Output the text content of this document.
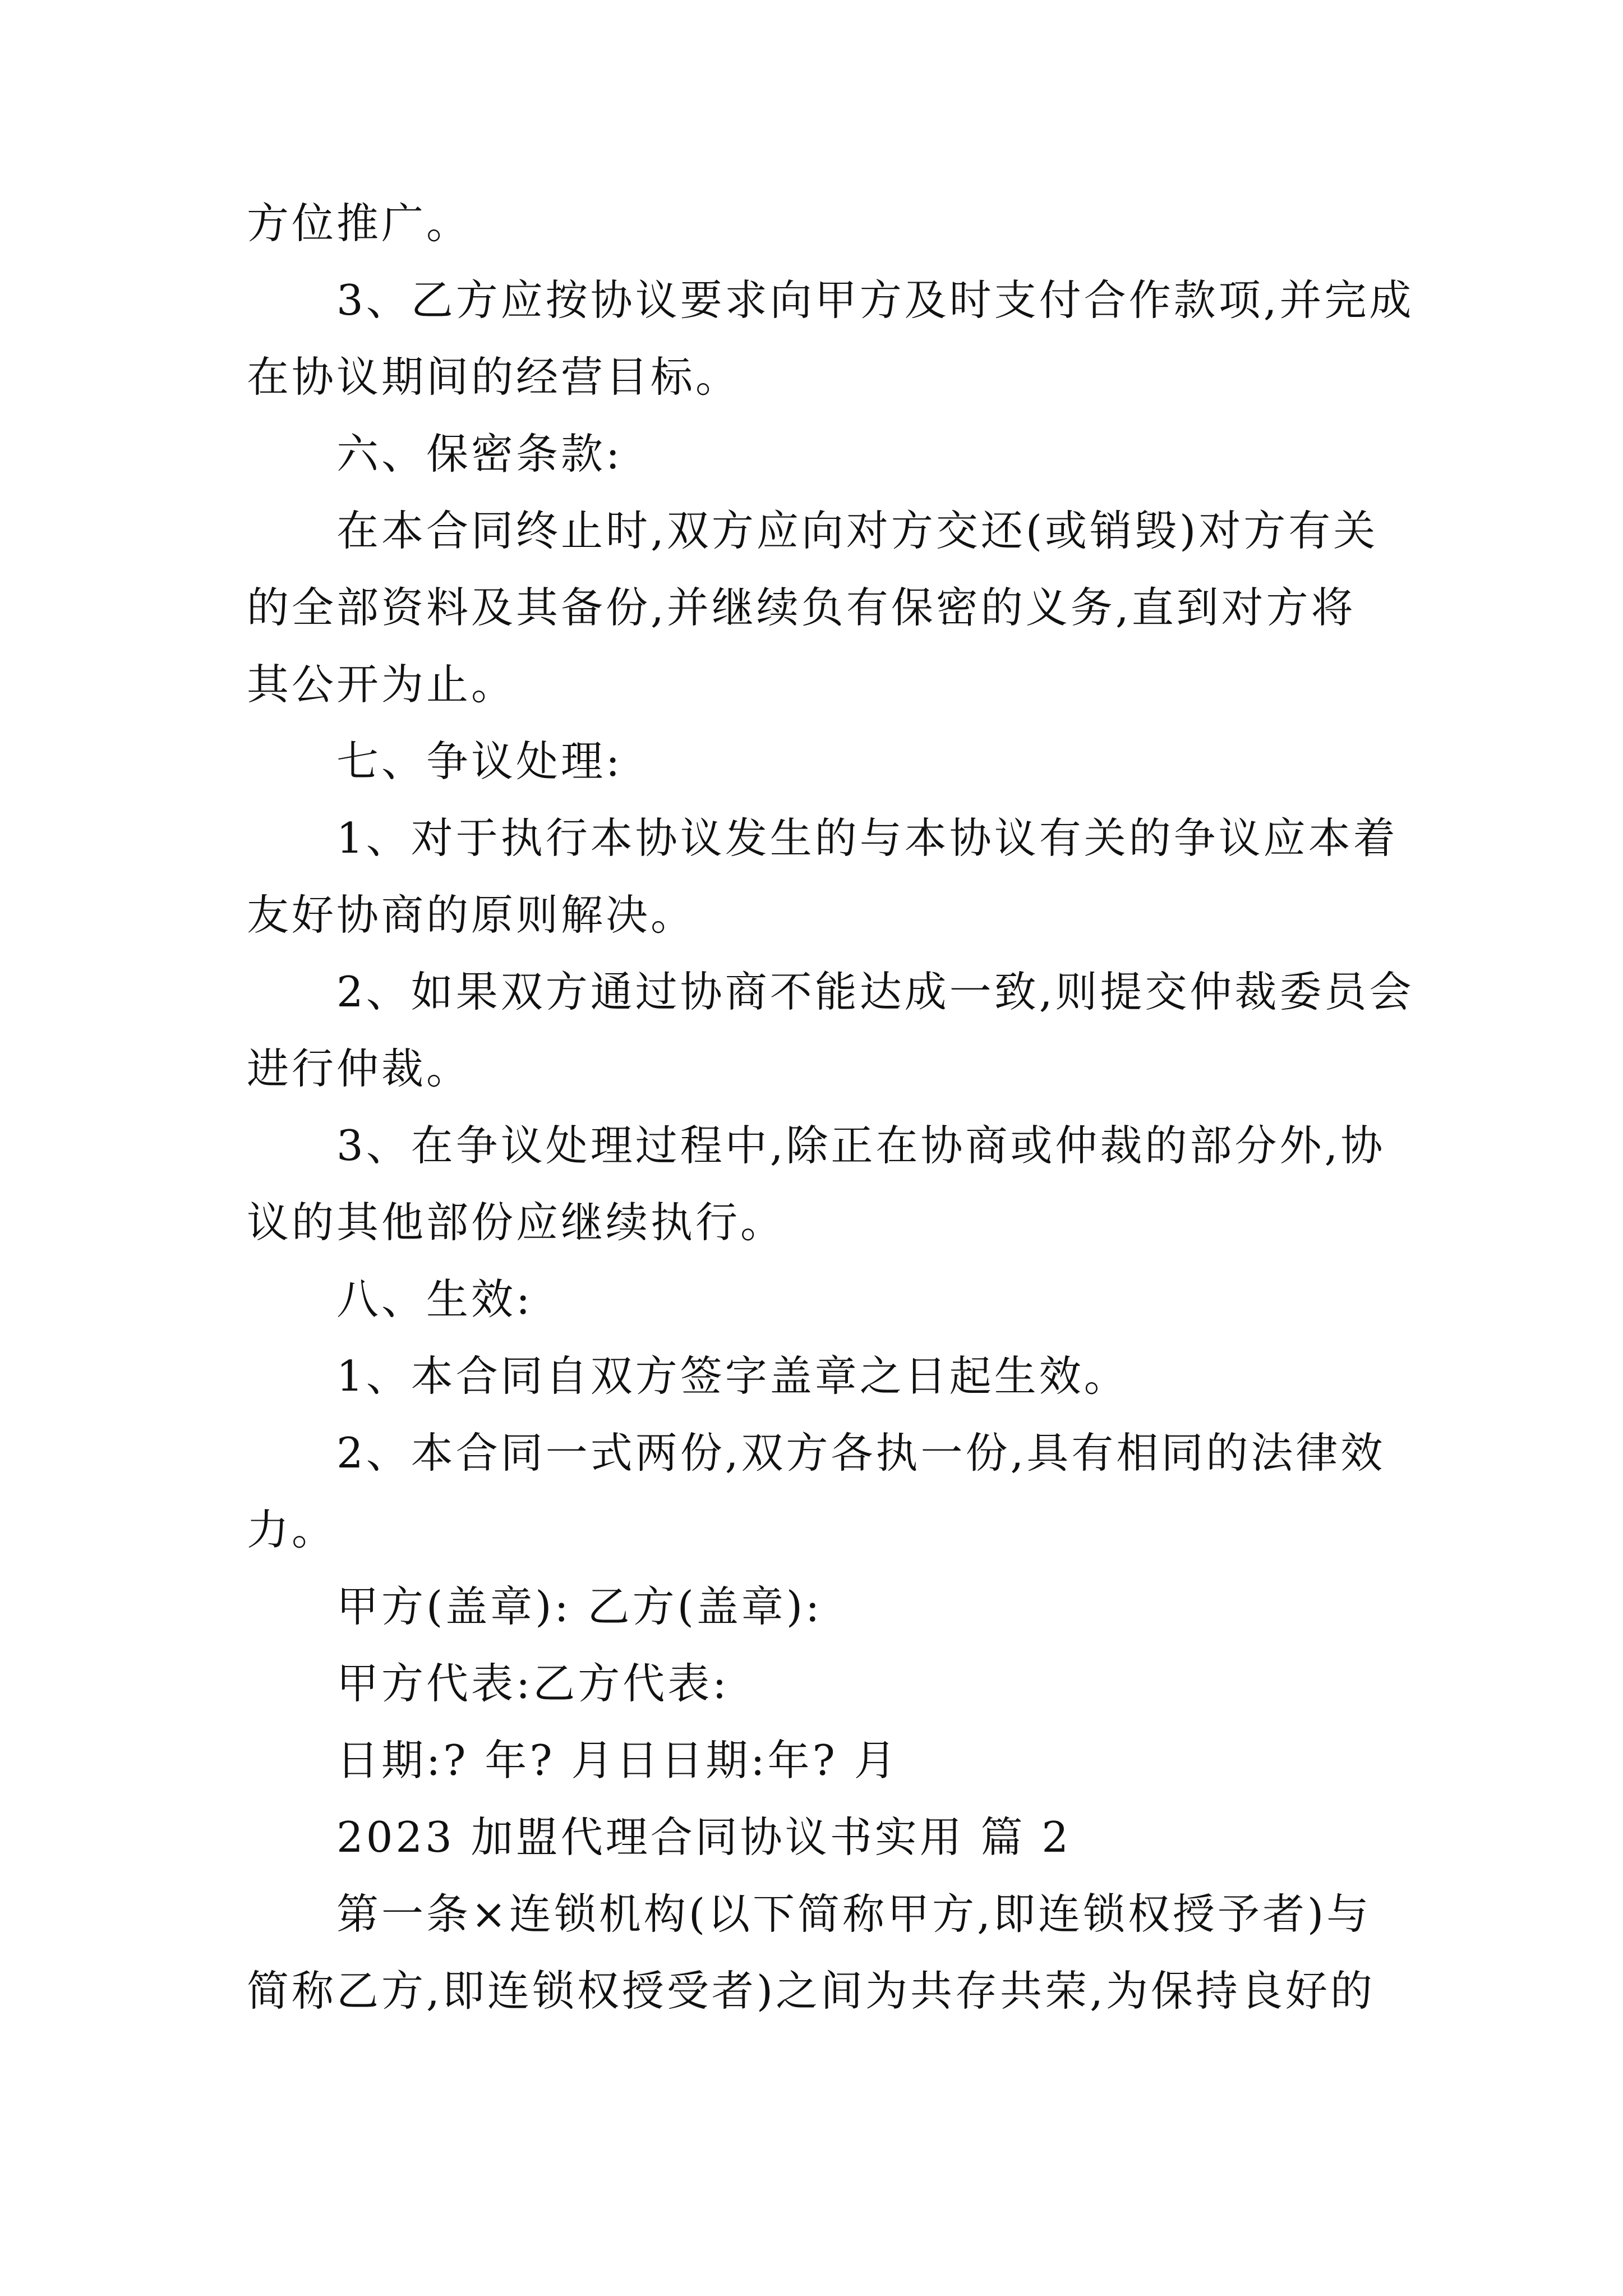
方位推广。
3、乙方应按协议要求向甲方及时支付合作款项,并完成
在协议期间的经营目标。
六、保密条款:
在本合同终止时,双方应向对方交还(或销毁)对方有关
的全部资料及其备份,并继续负有保密的义务,直到对方将
其公开为止。
七、争议处理:
1、对于执行本协议发生的与本协议有关的争议应本着
友好协商的原则解决。
2、如果双方通过协商不能达成一致,则提交仲裁委员会
进行仲裁。
3、在争议处理过程中,除正在协商或仲裁的部分外,协
议的其他部份应继续执行。
八、生效:
1、本合同自双方签字盖章之日起生效。
2、本合同一式两份,双方各执一份,具有相同的法律效
力。
甲方(盖章): 乙方(盖章):
甲方代表:乙方代表:
日期:? 年? 月日日期:年? 月
2023 加盟代理合同协议书实用 篇 2
第一条×连锁机构(以下简称甲方,即连锁权授予者)与
简称乙方,即连锁权授受者)之间为共存共荣,为保持良好的
